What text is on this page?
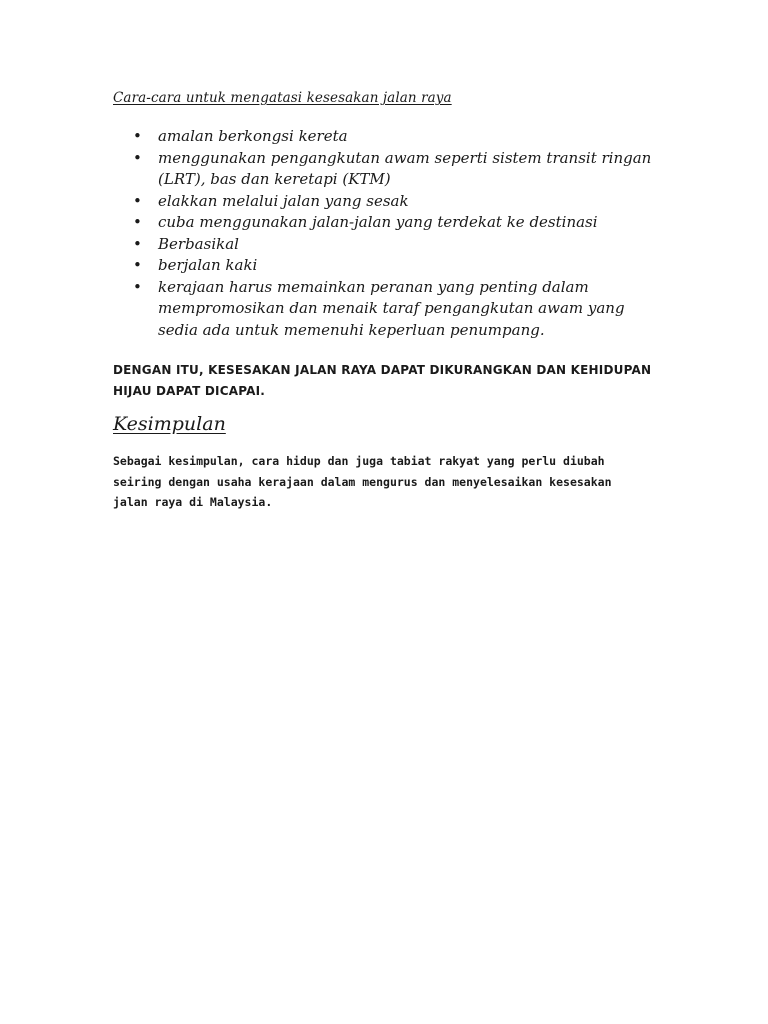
Cara-cara untuk mengatasi kesesakan jalan raya
• amalan berkongsi kereta
• menggunakan pengangkutan awam seperti sistem transit ringan (LRT), bas dan keretapi (KTM)
• elakkan melalui jalan yang sesak
• cuba menggunakan jalan-jalan yang terdekat ke destinasi
• Berbasikal
• berjalan kaki
• kerajaan harus memainkan peranan yang penting dalam mempromosikan dan menaik taraf pengangkutan awam yang sedia ada untuk memenuhi keperluan penumpang.
DENGAN ITU, KESESAKAN JALAN RAYA DAPAT DIKURANGKAN DAN KEHIDUPAN HIJAU DAPAT DICAPAI.
Kesimpulan
Sebagai kesimpulan, cara hidup dan juga tabiat rakyat yang perlu diubah seiring dengan usaha kerajaan dalam mengurus dan menyelesaikan kesesakan jalan raya di Malaysia.
